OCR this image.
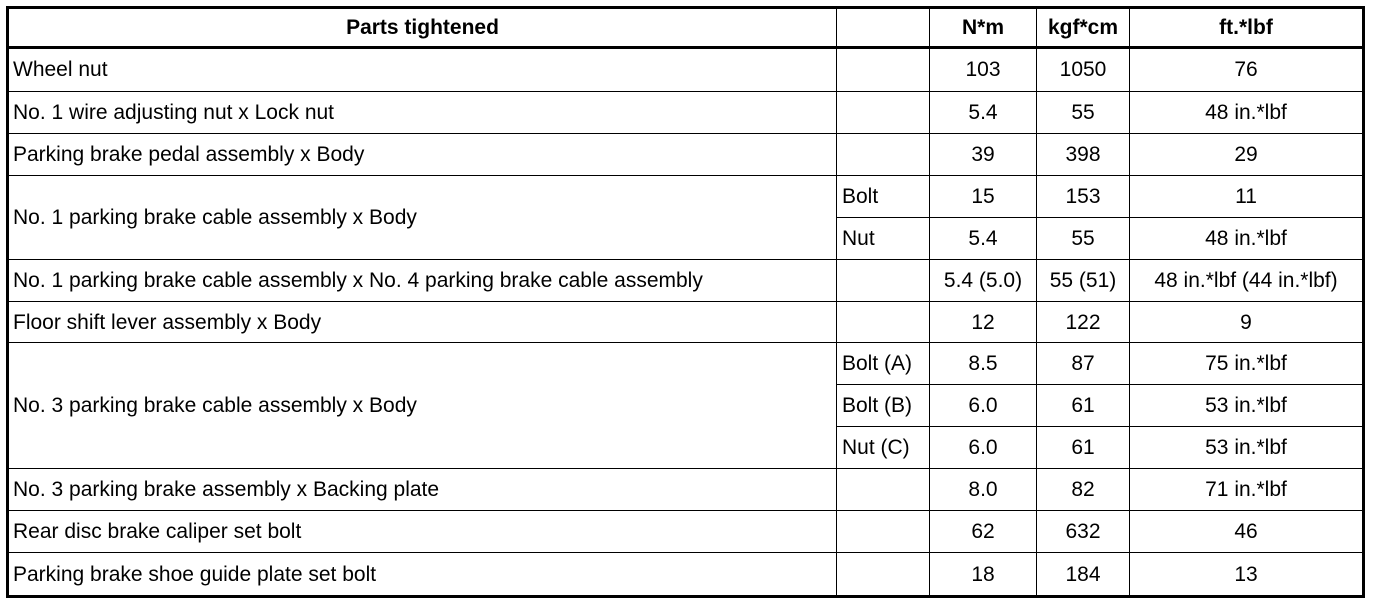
Parts tightened		N*m	kgf*cm	ft.*lbf
Wheel nut		103	1050	76
No. 1 wire adjusting nut x Lock nut		5.4	55	48 in.*lbf
Parking brake pedal assembly x Body		39	398	29
No. 1 parking brake cable assembly x Body	Bolt	15	153	11
	Nut	5.4	55	48 in.*lbf
No. 1 parking brake cable assembly x No. 4 parking brake cable assembly		5.4 (5.0)	55 (51)	48 in.*lbf (44 in.*lbf)
Floor shift lever assembly x Body		12	122	9
No. 3 parking brake cable assembly x Body	Bolt (A)	8.5	87	75 in.*lbf
	Bolt (B)	6.0	61	53 in.*lbf
	Nut (C)	6.0	61	53 in.*lbf
No. 3 parking brake assembly x Backing plate		8.0	82	71 in.*lbf
Rear disc brake caliper set bolt		62	632	46
Parking brake shoe guide plate set bolt		18	184	13
